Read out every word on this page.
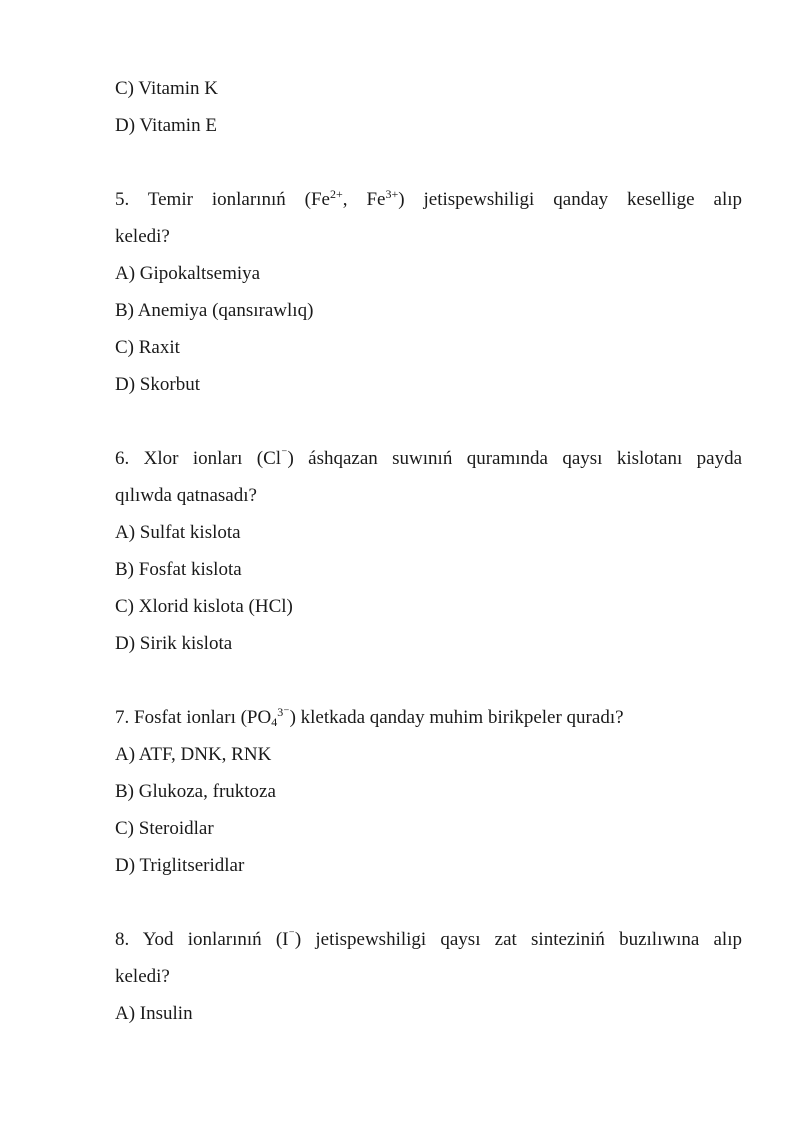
C) Vitamin K
D) Vitamin E
5. Temir ionlarınıń ($Fe^{2+}$, $Fe^{3+}$) jetispewshiligi qanday kesellige alıp
keledi?
A) Gipokaltsemiya
B) Anemiya (qansırawlıq)
C) Raxit
D) Skorbut
6. Xlor ionları (Cl⁻) áshqazan suwınıń quramında qaysı kislotanı payda
qılıwda qatnasadı?
A) Sulfat kislota
B) Fosfat kislota
C) Xlorid kislota (HCl)
D) Sirik kislota
7. Fosfat ionları $(PO_4^{3^-})$ kletkada qanday muhim birikpeler quradı?
A) ATF, DNK, RNK
B) Glukoza, fruktoza
C) Steroidlar
D) Triglitseridlar
8. Yod ionlarınıń (I⁻) jetispewshiligi qaysı zat sinteziniń buzılıwına alıp
keledi?
A) Insulin
